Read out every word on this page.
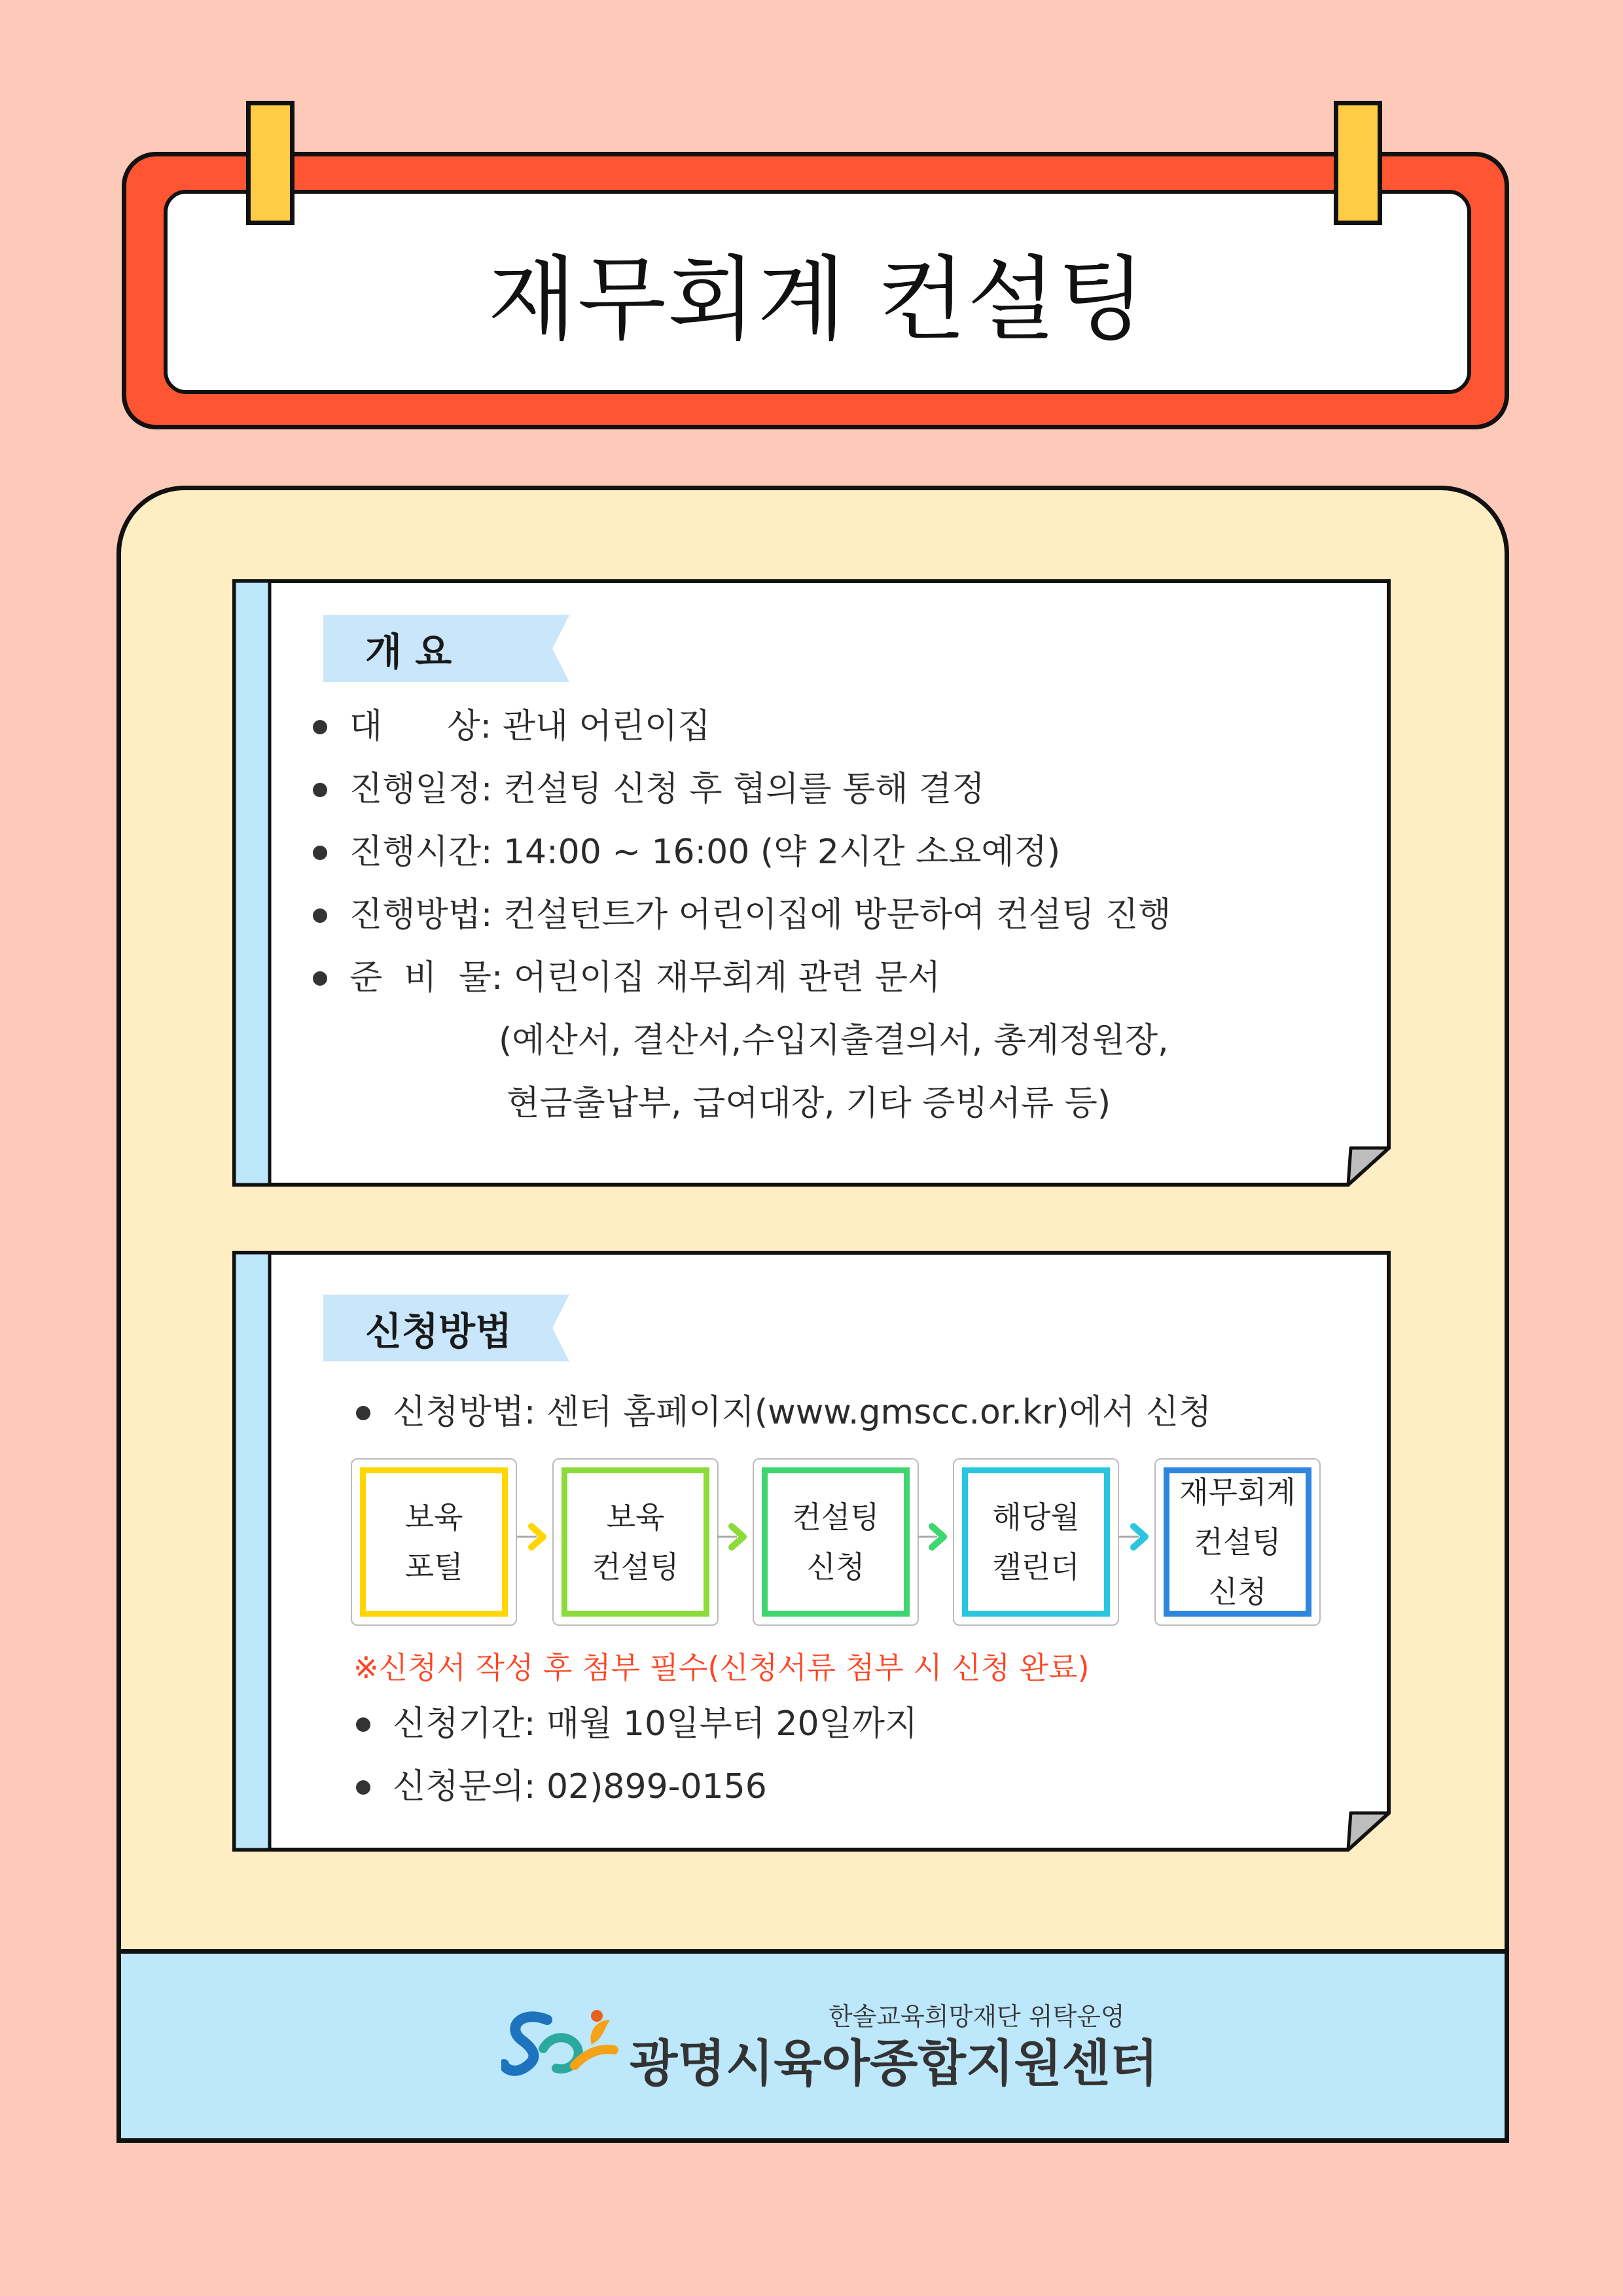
재무회계 컨설팅
개 요
대      상: 관내 어린이집
진행일정: 컨설팅 신청 후 협의를 통해 결정
진행시간: 14:00 ~ 16:00 (약 2시간 소요예정)
진행방법: 컨설턴트가 어린이집에 방문하여 컨설팅 진행
준  비  물: 어린이집 재무회계 관련 문서
(예산서, 결산서,수입지출결의서, 총계정원장,
현금출납부, 급여대장, 기타 증빙서류 등)
신청방법
신청방법: 센터 홈페이지(www.gmscc.or.kr)에서 신청
신청기간: 매월 10일부터 20일까지
신청문의: 02)899-0156
보육
포털
보육
컨설팅
컨설팅
신청
해당월
캘린더
재무회계
컨설팅
신청
※신청서 작성 후 첨부 필수(신청서류 첨부 시 신청 완료)
한솔교육희망재단 위탁운영
광명시육아종합지원센터
